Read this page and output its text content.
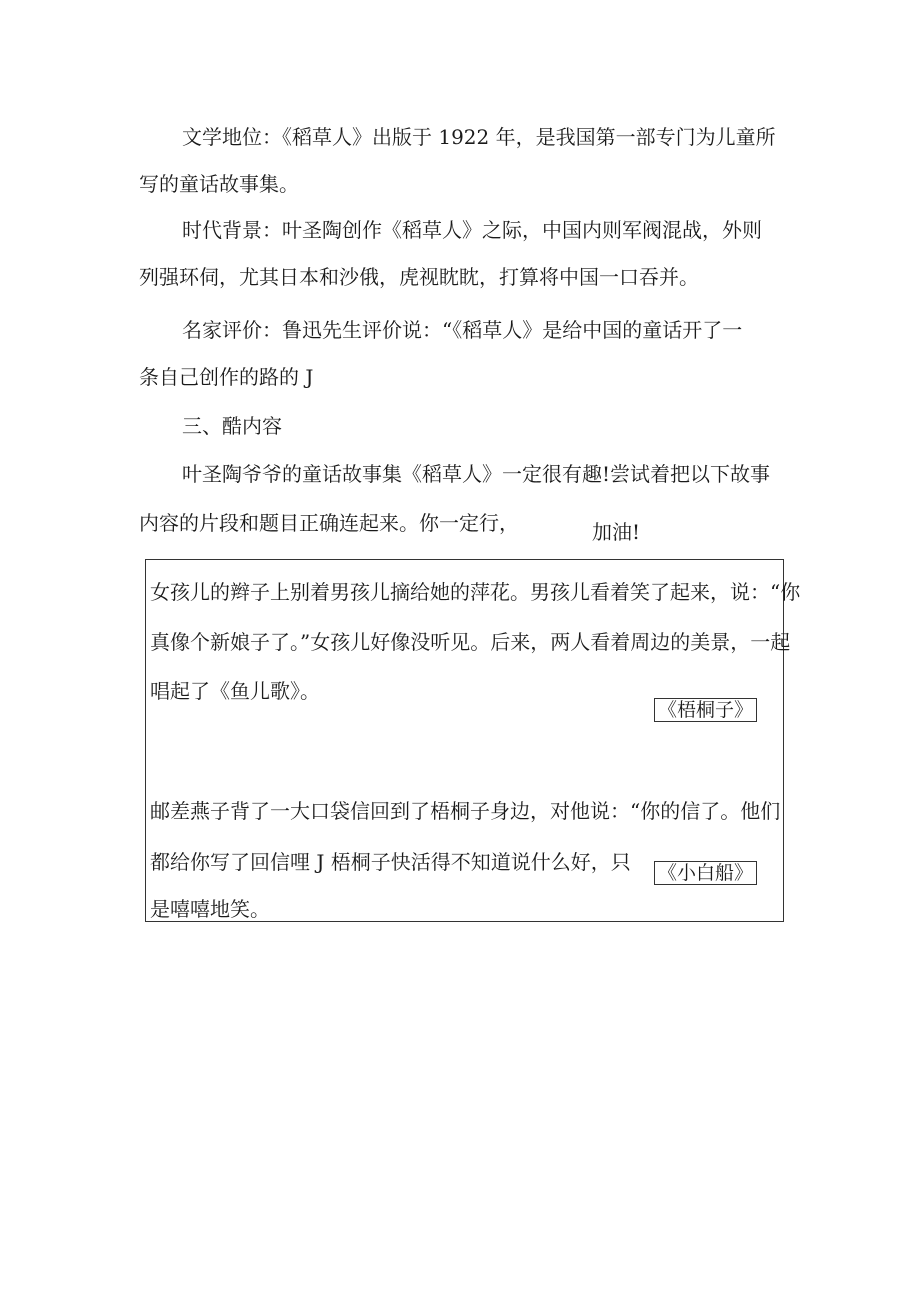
文学地位：《稻草人》出版于 1922 年，是我国第一部专门为儿童所
写的童话故事集。
时代背景：叶圣陶创作《稻草人》之际，中国内则军阀混战，外则
列强环伺，尤其日本和沙俄，虎视眈眈，打算将中国一口吞并。
名家评价：鲁迅先生评价说：“《稻草人》是给中国的童话开了一
条自己创作的路的 J
三、酷内容
叶圣陶爷爷的童话故事集《稻草人》一定很有趣!尝试着把以下故事
内容的片段和题目正确连起来。你一定行，	加油!
女孩儿的辫子上别着男孩儿摘给她的萍花。男孩儿看着笑了起来，说：“你
真像个新娘子了。”女孩儿好像没听见。后来，两人看着周边的美景，一起
唱起了《鱼儿歌》。
《梧桐子》
邮差燕子背了一大口袋信回到了梧桐子身边，对他说：“你的信了。他们
都给你写了回信哩 J 梧桐子快活得不知道说什么好，只
是嘻嘻地笑。
《小白船》
